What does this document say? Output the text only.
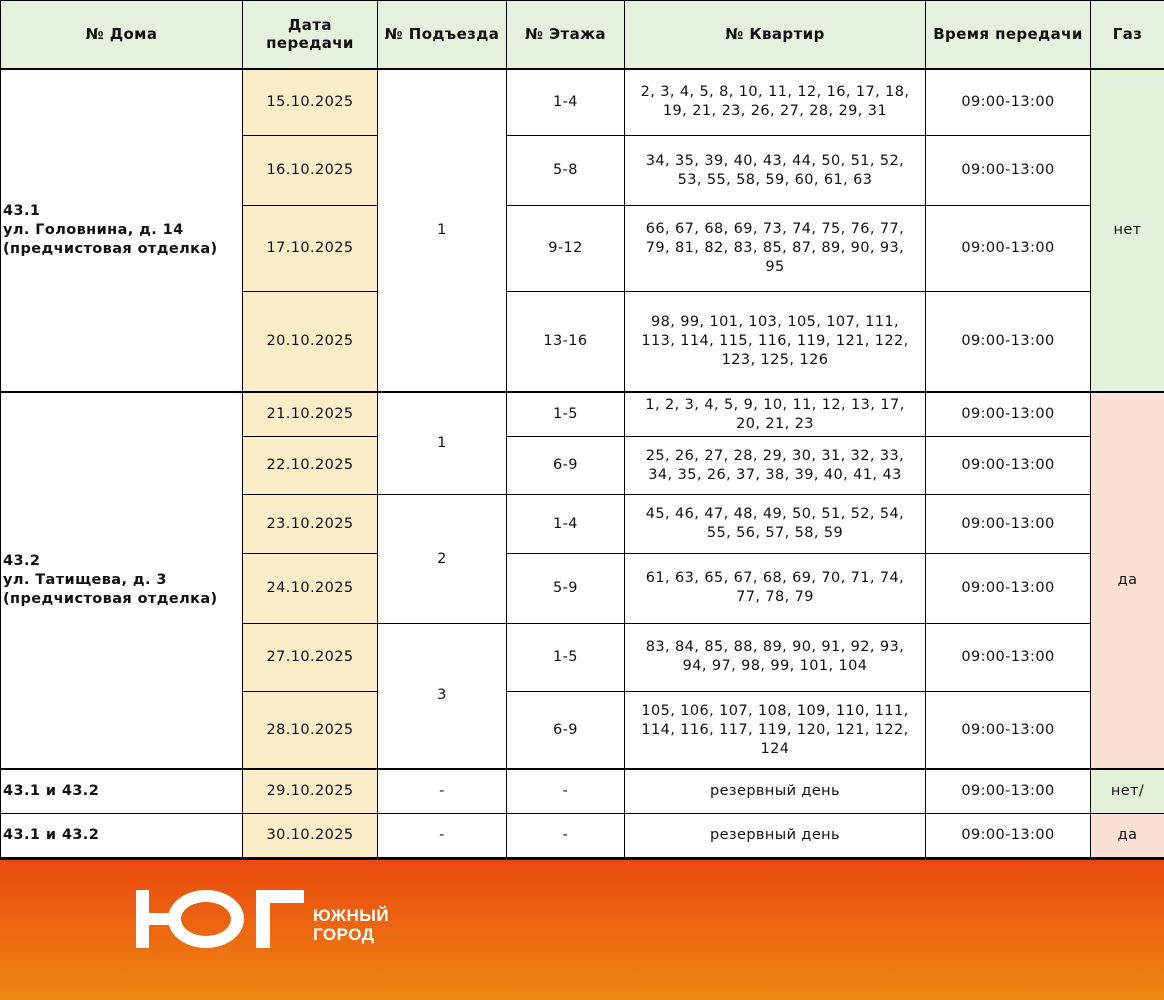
№ Дома	Дата передачи	№ Подъезда	№ Этажа	№ Квартир	Время передачи	Газ
43.1
ул. Головнина, д. 14
(предчистовая отделка)	15.10.2025	1	1-4	2, 3, 4, 5, 8, 10, 11, 12, 16, 17, 18, 19, 21, 23, 26, 27, 28, 29, 31	09:00-13:00	нет
	16.10.2025		5-8	34, 35, 39, 40, 43, 44, 50, 51, 52, 53, 55, 58, 59, 60, 61, 63	09:00-13:00	
	17.10.2025		9-12	66, 67, 68, 69, 73, 74, 75, 76, 77, 79, 81, 82, 83, 85, 87, 89, 90, 93, 95	09:00-13:00	
	20.10.2025		13-16	98, 99, 101, 103, 105, 107, 111, 113, 114, 115, 116, 119, 121, 122, 123, 125, 126	09:00-13:00	
43.2
ул. Татищева, д. 3
(предчистовая отделка)	21.10.2025	1	1-5	1, 2, 3, 4, 5, 9, 10, 11, 12, 13, 17, 20, 21, 23	09:00-13:00	да
	22.10.2025		6-9	25, 26, 27, 28, 29, 30, 31, 32, 33, 34, 35, 26, 37, 38, 39, 40, 41, 43	09:00-13:00	
	23.10.2025	2	1-4	45, 46, 47, 48, 49, 50, 51, 52, 54, 55, 56, 57, 58, 59	09:00-13:00	
	24.10.2025		5-9	61, 63, 65, 67, 68, 69, 70, 71, 74, 77, 78, 79	09:00-13:00	
	27.10.2025	3	1-5	83, 84, 85, 88, 89, 90, 91, 92, 93, 94, 97, 98, 99, 101, 104	09:00-13:00	
	28.10.2025		6-9	105, 106, 107, 108, 109, 110, 111, 114, 116, 117, 119, 120, 121, 122, 124	09:00-13:00	
43.1 и 43.2	29.10.2025	-	-	резервный день	09:00-13:00	нет/
43.1 и 43.2	30.10.2025	-	-	резервный день	09:00-13:00	да
ЮЖНЫЙ
ГОРОД
